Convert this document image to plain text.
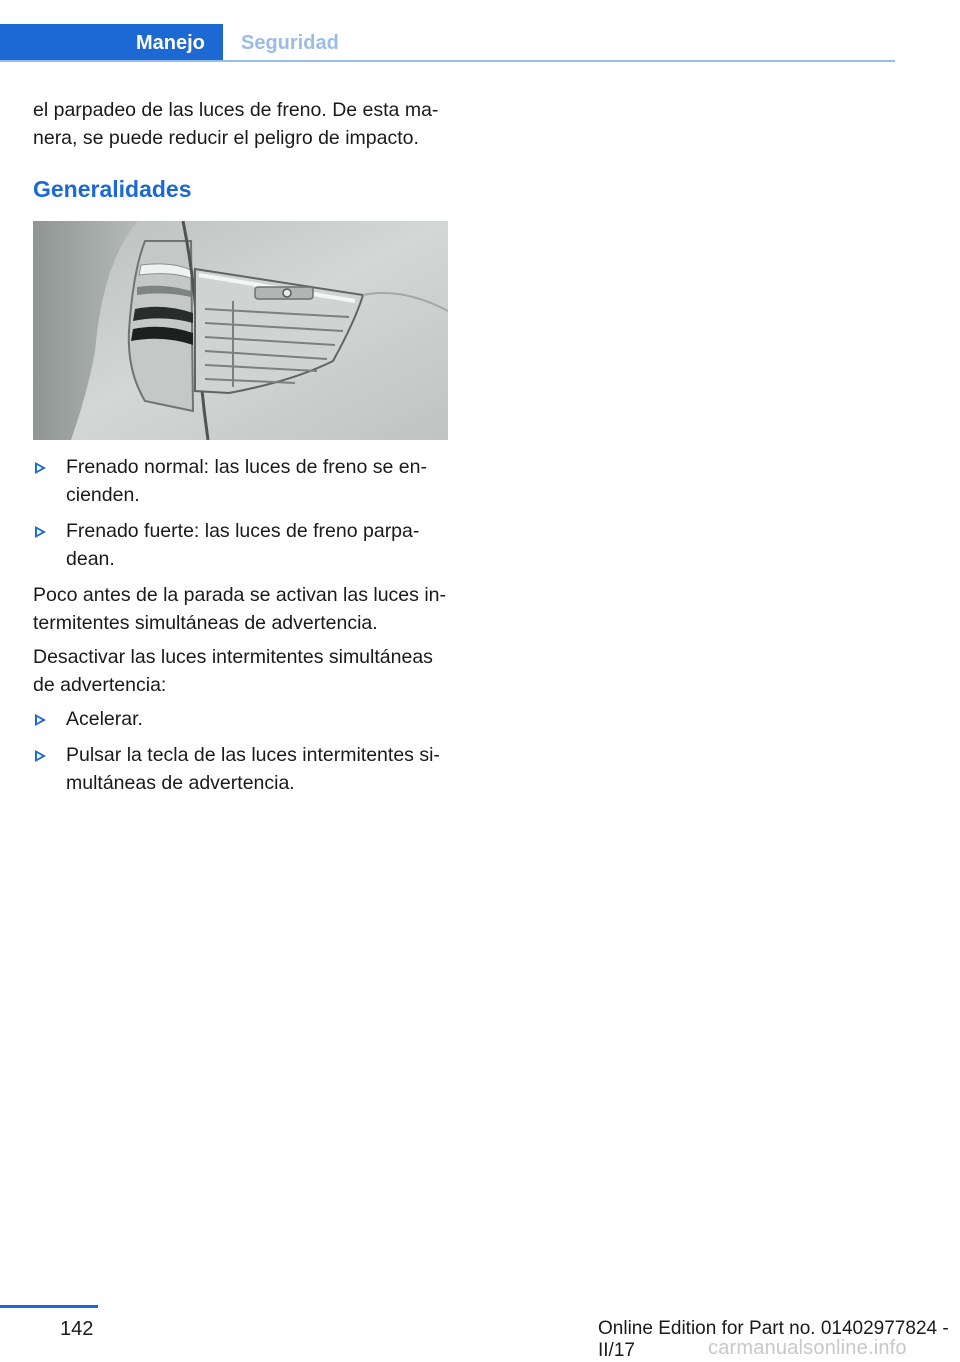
Manejo	Seguridad

el parpadeo de las luces de freno. De esta ma‐ nera, se puede reducir el peligro de impacto.

Generalidades
Frenado normal: las luces de freno se en‐ cienden.
Frenado fuerte: las luces de freno parpa‐ dean.

Poco antes de la parada se activan las luces in‐ termitentes simultáneas de advertencia.

Desactivar las luces intermitentes simultáneas de advertencia:

Acelerar.
Pulsar la tecla de las luces intermitentes si‐ multáneas de advertencia.
142	Online Edition for Part no. 01402977824 - II/17	carmanualsonline.info
